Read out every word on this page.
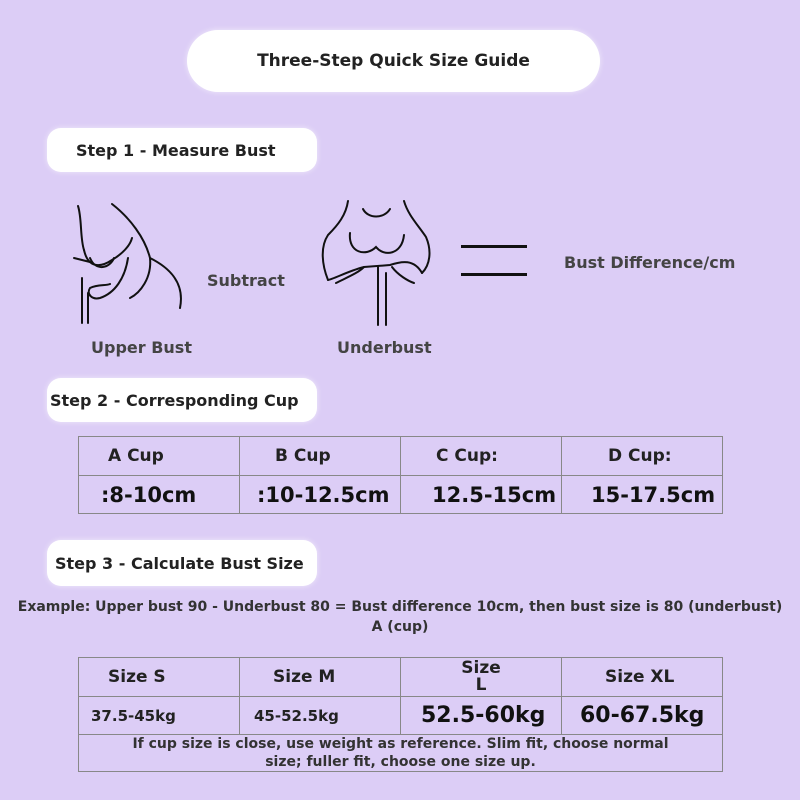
Three-Step Quick Size Guide
Step 1 - Measure Bust
Upper Bust
Subtract
Underbust
Bust Difference/cm
Step 2 - Corresponding Cup
A Cup	B Cup	C Cup:	D Cup:
:8-10cm	:10-12.5cm	12.5-15cm	15-17.5cm
Step 3 - Calculate Bust Size
Example: Upper bust 90 - Underbust 80 = Bust difference 10cm, then bust size is 80 (underbust) A (cup)
Size S	Size M	Size L	Size XL
37.5-45kg	45-52.5kg	52.5-60kg	60-67.5kg
If cup size is close, use weight as reference. Slim fit, choose normal size; fuller fit, choose one size up.			
